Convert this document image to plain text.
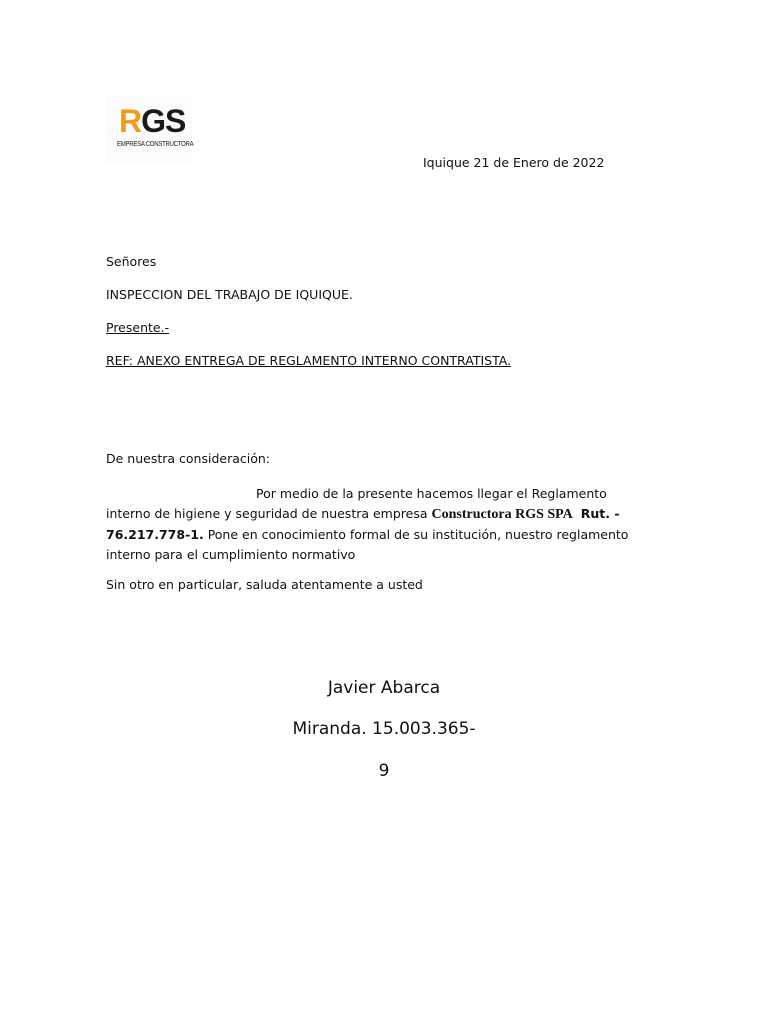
RGS
EMPRESA CONSTRUCTORA
Iquique 21 de Enero de 2022
Señores
INSPECCION DEL TRABAJO DE IQUIQUE.
Presente.-
REF: ANEXO ENTREGA DE REGLAMENTO INTERNO CONTRATISTA.
De nuestra consideración:
Por medio de la presente hacemos llegar el Reglamento interno de higiene y seguridad de nuestra empresa Constructora RGS SPA Rut. - 76.217.778-1. Pone en conocimiento formal de su institución, nuestro reglamento interno para el cumplimiento normativo
Sin otro en particular, saluda atentamente a usted
Javier Abarca
Miranda. 15.003.365-
9
